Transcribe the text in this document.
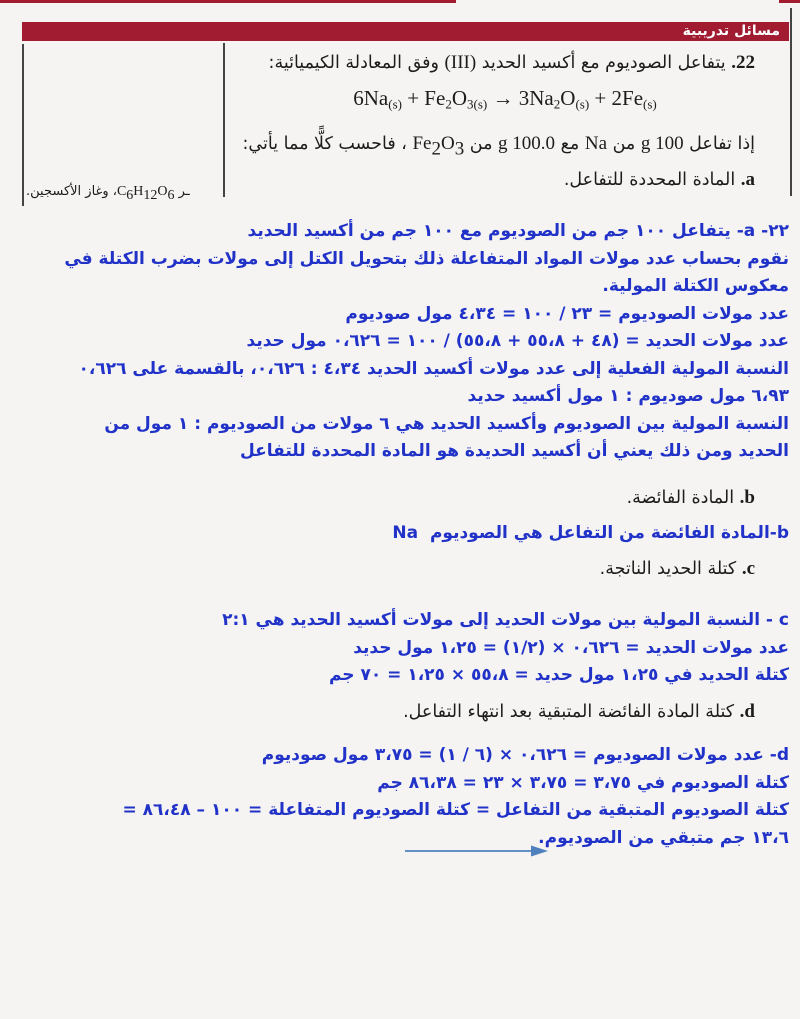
مسائل تدريبية
22. يتفاعل الصوديوم مع أكسيد الحديد (III) وفق المعادلة الكيميائية:
$6Na_{(s)} + Fe_2O_{3(s)} \to 3Na_2O_{(s)} + 2Fe_{(s)}$
إذا تفاعل 100 g من Na مع 100.0 g من Fe2O3 ، فاحسب كلًّا مما يأتي:
a. المادة المحددة للتفاعل.
ـر C6H12O6، وغاز الأكسجين.
٢٢- a- يتفاعل ١٠٠ جم من الصوديوم مع ١٠٠ جم من أكسيد الحديد
نقوم بحساب عدد مولات المواد المتفاعلة ذلك بتحويل الكتل إلى مولات بضرب الكتلة في
معكوس الكتلة المولية.
عدد مولات الصوديوم = ٢٣ / ١٠٠ = ٤،٣٤ مول صوديوم
عدد مولات الحديد = (٤٨ + ٥٥،٨ + ٥٥،٨) / ١٠٠ = ٠،٦٢٦ مول حديد
النسبة المولية الفعلية إلى عدد مولات أكسيد الحديد ٤،٣٤ : ٠،٦٢٦، بالقسمة على ٠،٦٢٦
٦،٩٣ مول صوديوم : ١ مول أكسيد حديد
النسبة المولية بين الصوديوم وأكسيد الحديد هي ٦ مولات من الصوديوم : ١ مول من
الحديد ومن ذلك يعني أن أكسيد الحديدة هو المادة المحددة للتفاعل
b. المادة الفائضة.
b-المادة الفائضة من التفاعل هي الصوديوم  Na
c. كتلة الحديد الناتجة.
c - النسبة المولية بين مولات الحديد إلى مولات أكسيد الحديد هي ٢:١
عدد مولات الحديد = ٠،٦٢٦ × (١/٢) = ١،٢٥ مول حديد
كتلة الحديد في ١،٢٥ مول حديد = ٥٥،٨ × ١،٢٥ = ٧٠ جم
d. كتلة المادة الفائضة المتبقية بعد انتهاء التفاعل.
d- عدد مولات الصوديوم = ٠،٦٢٦ × (٦ / ١) = ٣،٧٥ مول صوديوم
كتلة الصوديوم في ٣،٧٥ = ٣،٧٥ × ٢٣ = ٨٦،٣٨ جم
كتلة الصوديوم المتبقية من التفاعل = كتلة الصوديوم المتفاعلة = ١٠٠ – ٨٦،٤٨ =
١٣،٦ جم متبقي من الصوديوم.
